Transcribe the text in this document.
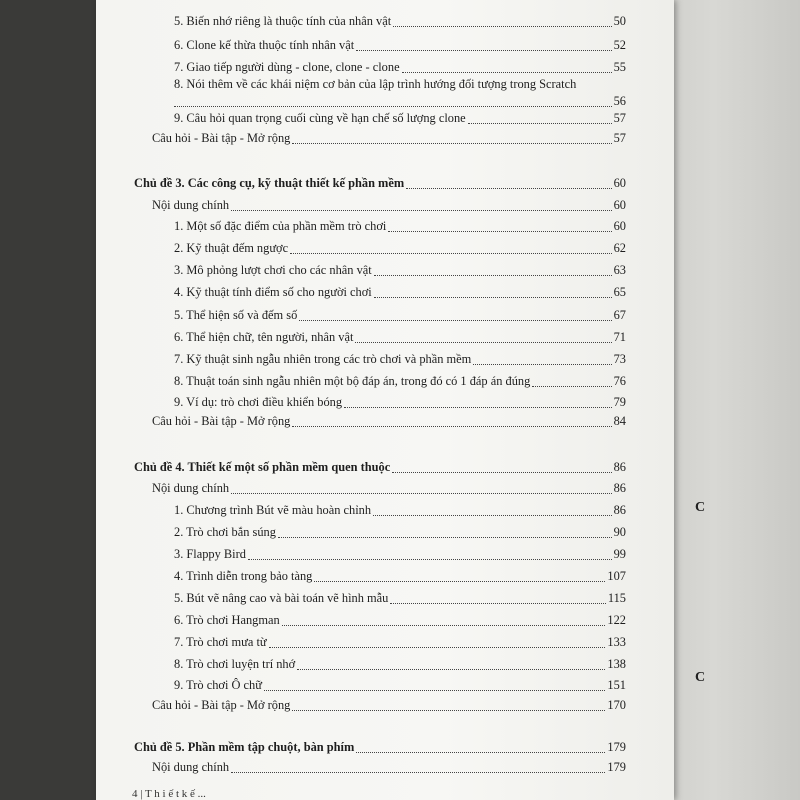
C
C
5. Biến nhớ riêng là thuộc tính của nhân vật	50
6. Clone kế thừa thuộc tính nhân vật	52
7. Giao tiếp người dùng - clone, clone - clone	55
8. Nói thêm về các khái niệm cơ bản của lập trình hướng đối tượng trong Scratch
56
9. Câu hỏi quan trọng cuối cùng về hạn chế số lượng clone	57
Câu hỏi - Bài tập - Mở rộng	57
Chủ đề 3. Các công cụ, kỹ thuật thiết kế phần mềm	60
Nội dung chính	60
1. Một số đặc điểm của phần mềm trò chơi	60
2. Kỹ thuật đếm ngược	62
3. Mô phỏng lượt chơi cho các nhân vật	63
4. Kỹ thuật tính điểm số cho người chơi	65
5. Thể hiện số và đếm số	67
6. Thể hiện chữ, tên người, nhân vật	71
7. Kỹ thuật sinh ngẫu nhiên trong các trò chơi và phần mềm	73
8. Thuật toán sinh ngẫu nhiên một bộ đáp án, trong đó có 1 đáp án đúng	76
9. Ví dụ: trò chơi điều khiển bóng	79
Câu hỏi - Bài tập - Mở rộng	84
Chủ đề 4. Thiết kế một số phần mềm quen thuộc	86
Nội dung chính	86
1. Chương trình Bút vẽ màu hoàn chỉnh	86
2. Trò chơi bắn súng	90
3. Flappy Bird	99
4. Trình diễn trong bảo tàng	107
5. Bút vẽ nâng cao và bài toán vẽ hình mẫu	115
6. Trò chơi Hangman	122
7. Trò chơi mưa từ	133
8. Trò chơi luyện trí nhớ	138
9. Trò chơi Ô chữ	151
Câu hỏi - Bài tập - Mở rộng	170
Chủ đề 5. Phần mềm tập chuột, bàn phím	179
Nội dung chính	179
4 | T h i ế t k ế ...
